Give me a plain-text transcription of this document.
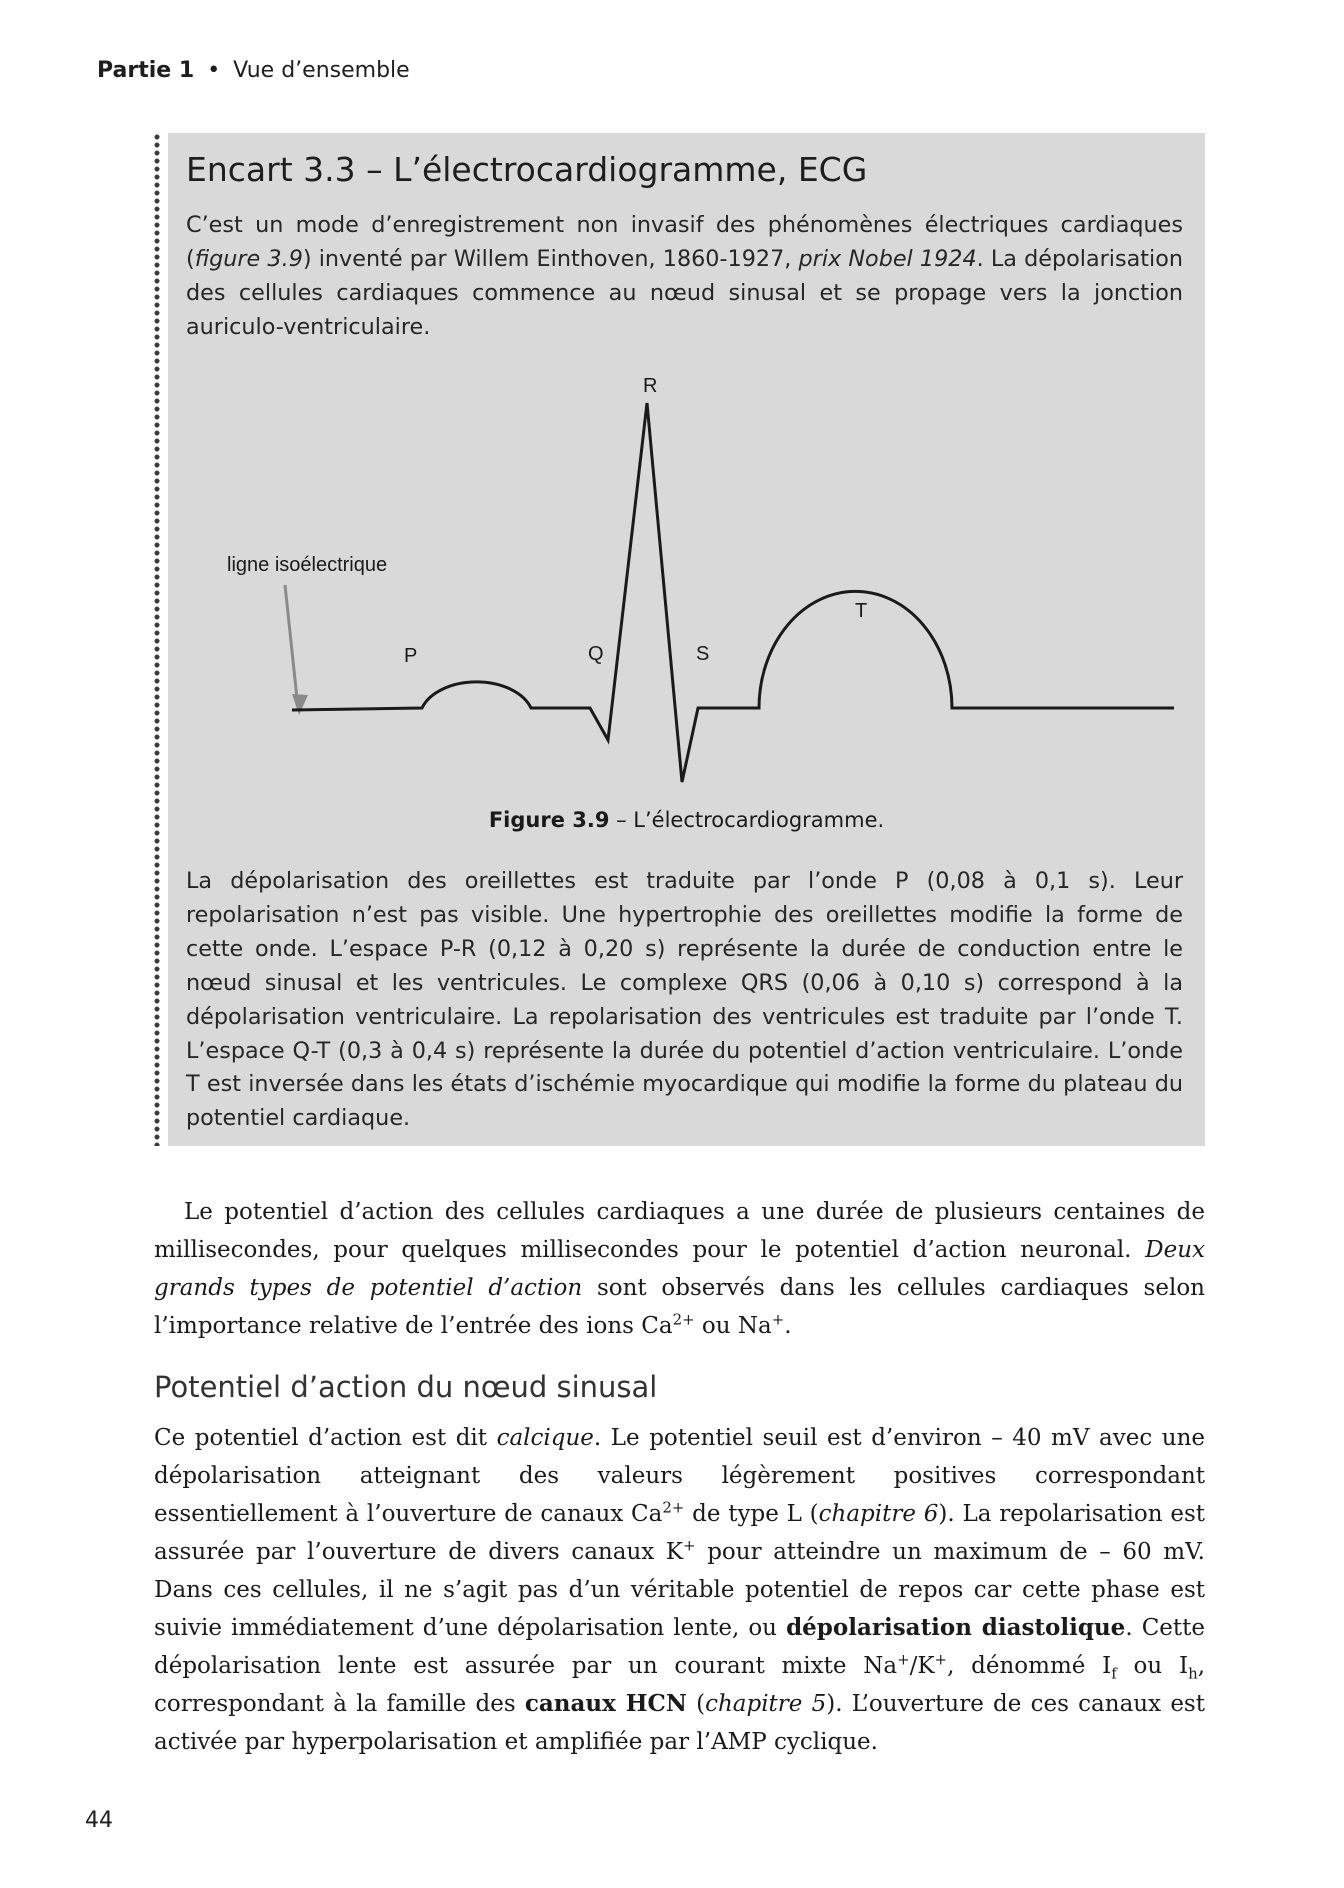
Partie 1 • Vue d’ensemble
Encart 3.3 – L’électrocardiogramme, ECG

C’est un mode d’enregistrement non invasif des phénomènes électriques cardiaques (figure 3.9) inventé par Willem Einthoven, 1860-1927, prix Nobel 1924. La dépolarisation des cellules cardiaques commence au nœud sinusal et se propage vers la jonction auriculo-ventriculaire.

ligne isoélectrique
P	Q
R
S
T

Figure 3.9 – L’électrocardiogramme.

La dépolarisation des oreillettes est traduite par l’onde P (0,08 à 0,1 s). Leur repolarisation n’est pas visible. Une hypertrophie des oreillettes modifie la forme de cette onde. L’espace P-R (0,12 à 0,20 s) représente la durée de conduction entre le nœud sinusal et les ventricules. Le complexe QRS (0,06 à 0,10 s) correspond à la dépolarisation ventriculaire. La repolarisation des ventricules est traduite par l’onde T. L’espace Q-T (0,3 à 0,4 s) représente la durée du potentiel d’action ventriculaire. L’onde T est inversée dans les états d’ischémie myocardique qui modifie la forme du plateau du potentiel cardiaque.

Le potentiel d’action des cellules cardiaques a une durée de plusieurs centaines de millisecondes, pour quelques millisecondes pour le potentiel d’action neuronal. Deux grands types de potentiel d’action sont observés dans les cellules cardiaques selon l’importance relative de l’entrée des ions $Ca^{2+}$ ou Na+.

Potentiel d’action du nœud sinusal

Ce potentiel d’action est dit calcique. Le potentiel seuil est d’environ – 40 mV avec une dépolarisation atteignant des valeurs légèrement positives correspondant essentiellement à l’ouverture de canaux $Ca^{2+}$ de type L (chapitre 6). La repolarisation est assurée par l’ouverture de divers canaux K+ pour atteindre un maximum de – 60 mV. Dans ces cellules, il ne s’agit pas d’un véritable potentiel de repos car cette phase est suivie immédiatement d’une dépolarisation lente, ou dépolarisation diastolique. Cette dépolarisation lente est assurée par un courant mixte Na+/K+, dénommé $I_f$ ou $I_h$, correspondant à la famille des canaux HCN (chapitre 5). L’ouverture de ces canaux est activée par hyperpolarisation et amplifiée par l’AMP cyclique.

44
